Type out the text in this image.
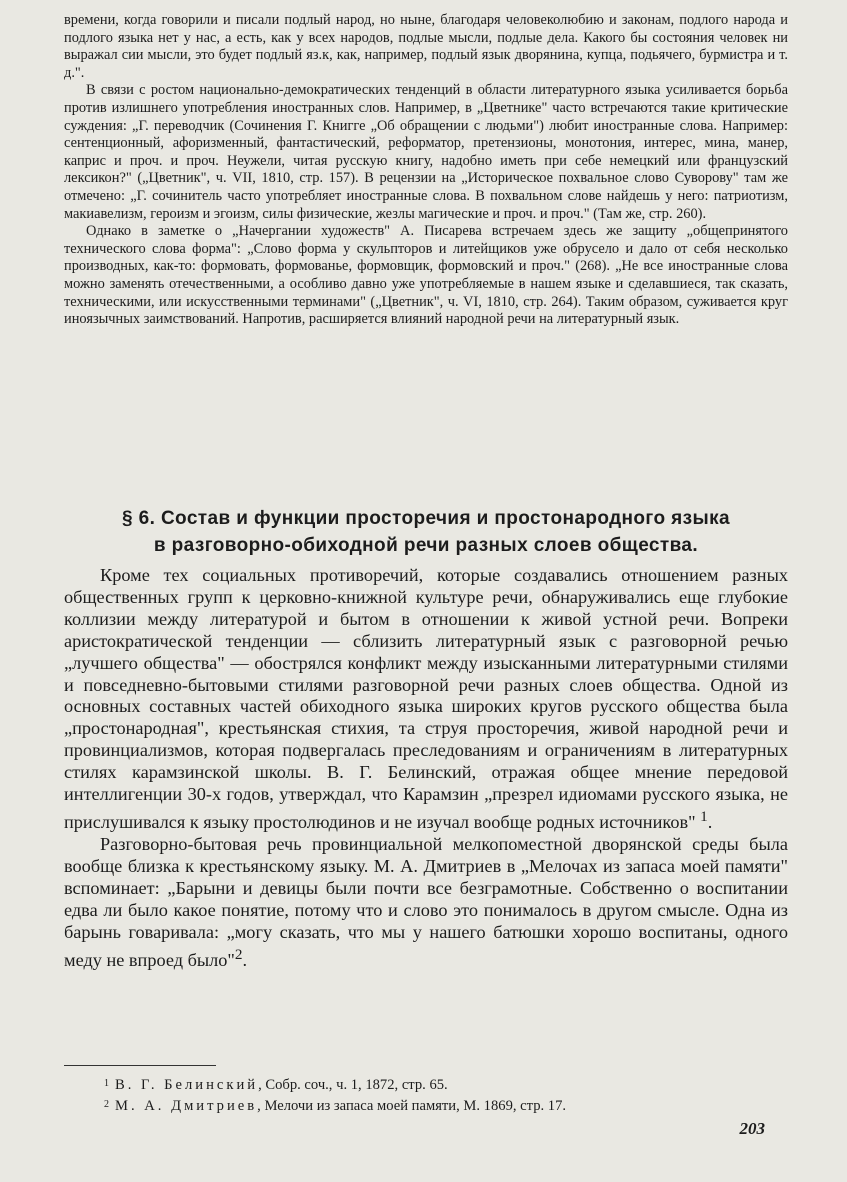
времени, когда говорили и писали подлый народ, но ныне, благодаря человеколюбию и законам, подлого народа и подлого языка нет у нас, а есть, как у всех народов, подлые мысли, подлые дела. Какого бы состояния человек ни выражал сии мысли, это будет подлый яз.к, как, например, подлый язык дворянина, купца, подьячего, бурмистра и т. д.".

В связи с ростом национально-демократических тенденций в области литературного языка усиливается борьба против излишнего употребления иностранных слов. Например, в „Цветнике" часто встречаются такие критические суждения: „Г. переводчик (Сочинения Г. Книгге „Об обращении с людьми") любит иностранные слова. Например: сентенционный, афоризменный, фантастический, реформатор, претензионы, монотония, интерес, мина, манер, каприс и проч. и проч. Неужели, читая русскую книгу, надобно иметь при себе немецкий или французский лексикон?" („Цветник", ч. VII, 1810, стр. 157). В рецензии на „Историческое похвальное слово Суворову" там же отмечено: „Г. сочинитель часто употребляет иностранные слова. В похвальном слове найдешь у него: патриотизм, макиавелизм, героизм и эгоизм, силы физические, жезлы магические и проч. и проч." (Там же, стр. 260).

Однако в заметке о „Начергании художеств" А. Писарева встречаем здесь же защиту „общепринятого технического слова форма": „Слово форма у скульпторов и литейщиков уже обрусело и дало от себя несколько производных, как-то: формовать, формованье, формовщик, формовский и проч." (268). „Не все иностранные слова можно заменять отечественными, а особливо давно уже употребляемые в нашем языке и сделавшиеся, так сказать, техническими, или искусственными терминами" („Цветник", ч. VI, 1810, стр. 264). Таким образом, суживается круг иноязычных заимствований. Напротив, расширяется влияний народной речи на литературный язык.

§ 6. Состав и функции просторечия и простонародного языка
в разговорно-обиходной речи разных слоев общества.

Кроме тех социальных противоречий, которые создавались отношением разных общественных групп к церковно-книжной культуре речи, обнаруживались еще глубокие коллизии между литературой и бытом в отношении к живой устной речи. Вопреки аристократической тенденции — сблизить литературный язык с разговорной речью „лучшего общества" — обострялся конфликт между изысканными литературными стилями и повседневно-бытовыми стилями разговорной речи разных слоев общества. Одной из основных составных частей обиходного языка широких кругов русского общества была „простонародная", крестьянская стихия, та струя просторечия, живой народной речи и провинциализмов, которая подвергалась преследованиям и ограничениям в литературных стилях карамзинской школы. В. Г. Белинский, отражая общее мнение передовой интеллигенции 30-х годов, утверждал, что Карамзин „презрел идиомами русского языка, не прислушивался к языку простолюдинов и не изучал вообще родных источников" $^1$.

Разговорно-бытовая речь провинциальной мелкопоместной дворянской среды была вообще близка к крестьянскому языку. М. А. Дмитриев в „Мелочах из запаса моей памяти" вспоминает: „Барыни и девицы были почти все безграмотные. Собственно о воспитании едва ли было какое понятие, потому что и слово это понималось в другом смысле. Одна из барынь говаривала: „могу сказать, что мы у нашего батюшки хорошо воспитаны, одного меду не впроед было"$^2$.

$^1$ В. Г. Белинский, Собр. соч., ч. 1, 1872, стр. 65.

$^2$ М. А. Дмитриев, Мелочи из запаса моей памяти, М. 1869, стр. 17.

203
